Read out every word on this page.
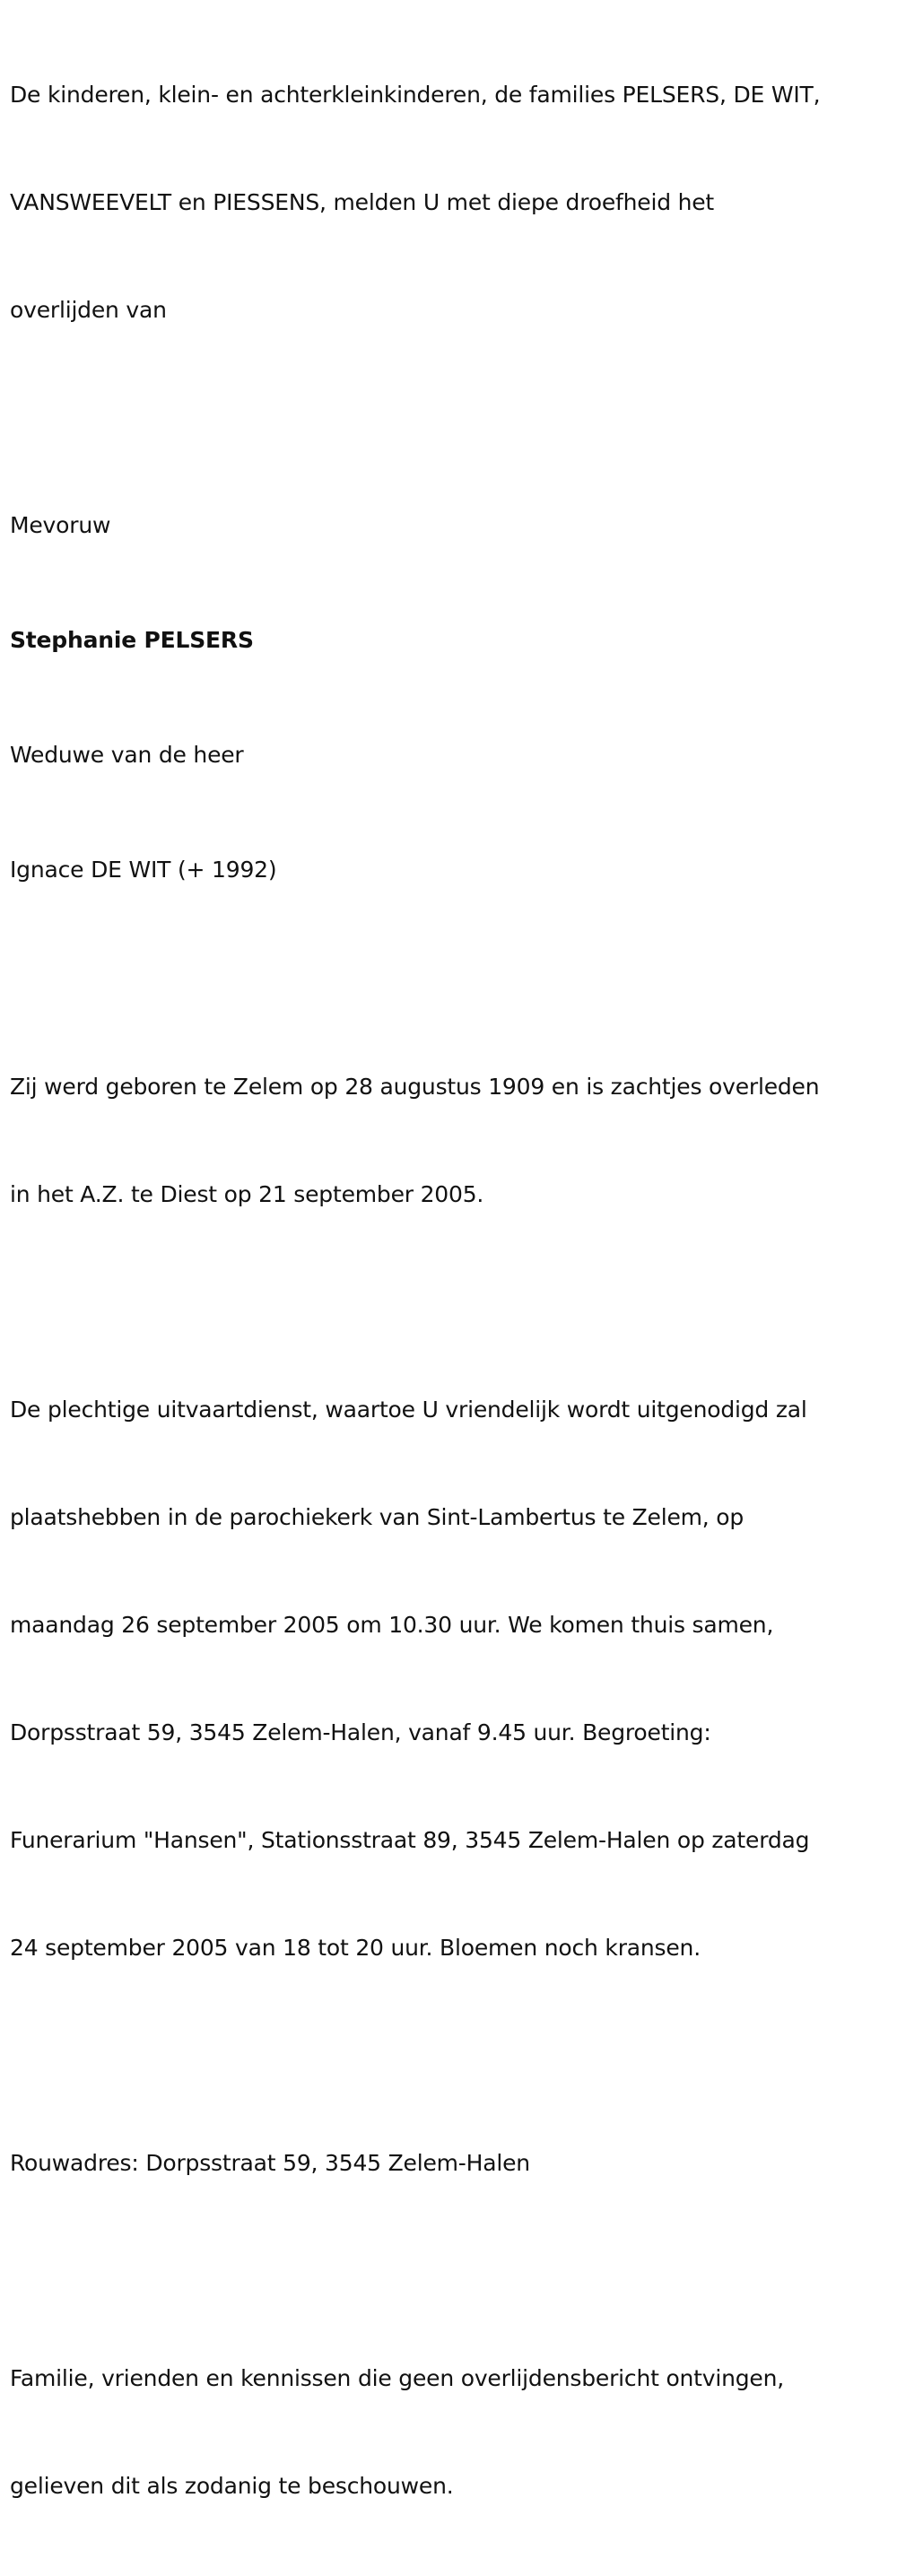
De kinderen, klein- en achterkleinkinderen, de families PELSERS, DE WIT,

VANSWEEVELT en PIESSENS, melden U met diepe droefheid het

overlijden van

Mevoruw

Stephanie PELSERS

Weduwe van de heer

Ignace DE WIT (+ 1992)

Zij werd geboren te Zelem op 28 augustus 1909 en is zachtjes overleden

in het A.Z. te Diest op 21 september 2005.

De plechtige uitvaartdienst, waartoe U vriendelijk wordt uitgenodigd zal

plaatshebben in de parochiekerk van Sint-Lambertus te Zelem, op

maandag 26 september 2005 om 10.30 uur. We komen thuis samen,

Dorpsstraat 59, 3545 Zelem-Halen, vanaf 9.45 uur. Begroeting:

Funerarium "Hansen", Stationsstraat 89, 3545 Zelem-Halen op zaterdag

24 september 2005 van 18 tot 20 uur. Bloemen noch kransen.

Rouwadres: Dorpsstraat 59, 3545 Zelem-Halen

Familie, vrienden en kennissen die geen overlijdensbericht ontvingen,

gelieven dit als zodanig te beschouwen.
